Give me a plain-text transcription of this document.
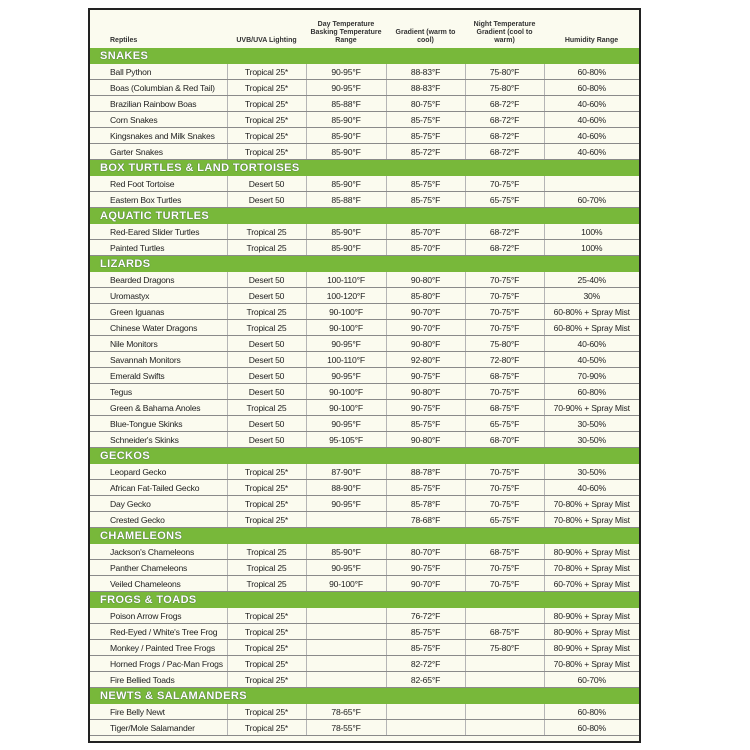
Reptiles	UVB/UVA Lighting	Day Temperature Basking Temperature Range	Gradient (warm to cool)	Night Temperature Gradient (cool to warm)	Humidity Range
SNAKES					
Ball Python	Tropical 25*	90-95°F	88-83°F	75-80°F	60-80%
Boas (Columbian & Red Tail)	Tropical 25*	90-95°F	88-83°F	75-80°F	60-80%
Brazilian Rainbow Boas	Tropical 25*	85-88°F	80-75°F	68-72°F	40-60%
Corn Snakes	Tropical 25*	85-90°F	85-75°F	68-72°F	40-60%
Kingsnakes and Milk Snakes	Tropical 25*	85-90°F	85-75°F	68-72°F	40-60%
Garter Snakes	Tropical 25*	85-90°F	85-72°F	68-72°F	40-60%
BOX TURTLES & LAND TORTOISES					
Red Foot Tortoise	Desert 50	85-90°F	85-75°F	70-75°F	
Eastern Box Turtles	Desert 50	85-88°F	85-75°F	65-75°F	60-70%
AQUATIC TURTLES					
Red-Eared Slider Turtles	Tropical 25	85-90°F	85-70°F	68-72°F	100%
Painted Turtles	Tropical 25	85-90°F	85-70°F	68-72°F	100%
LIZARDS					
Bearded Dragons	Desert 50	100-110°F	90-80°F	70-75°F	25-40%
Uromastyx	Desert 50	100-120°F	85-80°F	70-75°F	30%
Green Iguanas	Tropical 25	90-100°F	90-70°F	70-75°F	60-80% + Spray Mist
Chinese Water Dragons	Tropical 25	90-100°F	90-70°F	70-75°F	60-80% + Spray Mist
Nile Monitors	Desert 50	90-95°F	90-80°F	75-80°F	40-60%
Savannah Monitors	Desert 50	100-110°F	92-80°F	72-80°F	40-50%
Emerald Swifts	Desert 50	90-95°F	90-75°F	68-75°F	70-90%
Tegus	Desert 50	90-100°F	90-80°F	70-75°F	60-80%
Green & Bahama Anoles	Tropical 25	90-100°F	90-75°F	68-75°F	70-90% + Spray Mist
Blue-Tongue Skinks	Desert 50	90-95°F	85-75°F	65-75°F	30-50%
Schneider's Skinks	Desert 50	95-105°F	90-80°F	68-70°F	30-50%
GECKOS					
Leopard Gecko	Tropical 25*	87-90°F	88-78°F	70-75°F	30-50%
African Fat-Tailed Gecko	Tropical 25*	88-90°F	85-75°F	70-75°F	40-60%
Day Gecko	Tropical 25*	90-95°F	85-78°F	70-75°F	70-80% + Spray Mist
Crested Gecko	Tropical 25*		78-68°F	65-75°F	70-80% + Spray Mist
CHAMELEONS					
Jackson's Chameleons	Tropical 25	85-90°F	80-70°F	68-75°F	80-90% + Spray Mist
Panther Chameleons	Tropical 25	90-95°F	90-75°F	70-75°F	70-80% + Spray Mist
Veiled Chameleons	Tropical 25	90-100°F	90-70°F	70-75°F	60-70% + Spray Mist
FROGS & TOADS					
Poison Arrow Frogs	Tropical 25*		76-72°F		80-90% + Spray Mist
Red-Eyed / White's Tree Frog	Tropical 25*		85-75°F	68-75°F	80-90% + Spray Mist
Monkey / Painted Tree Frogs	Tropical 25*		85-75°F	75-80°F	80-90% + Spray Mist
Horned Frogs / Pac-Man Frogs	Tropical 25*		82-72°F		70-80% + Spray Mist
Fire Bellied Toads	Tropical 25*		82-65°F		60-70%
NEWTS & SALAMANDERS					
Fire Belly Newt	Tropical 25*	78-65°F			60-80%
Tiger/Mole Salamander	Tropical 25*	78-55°F			60-80%
